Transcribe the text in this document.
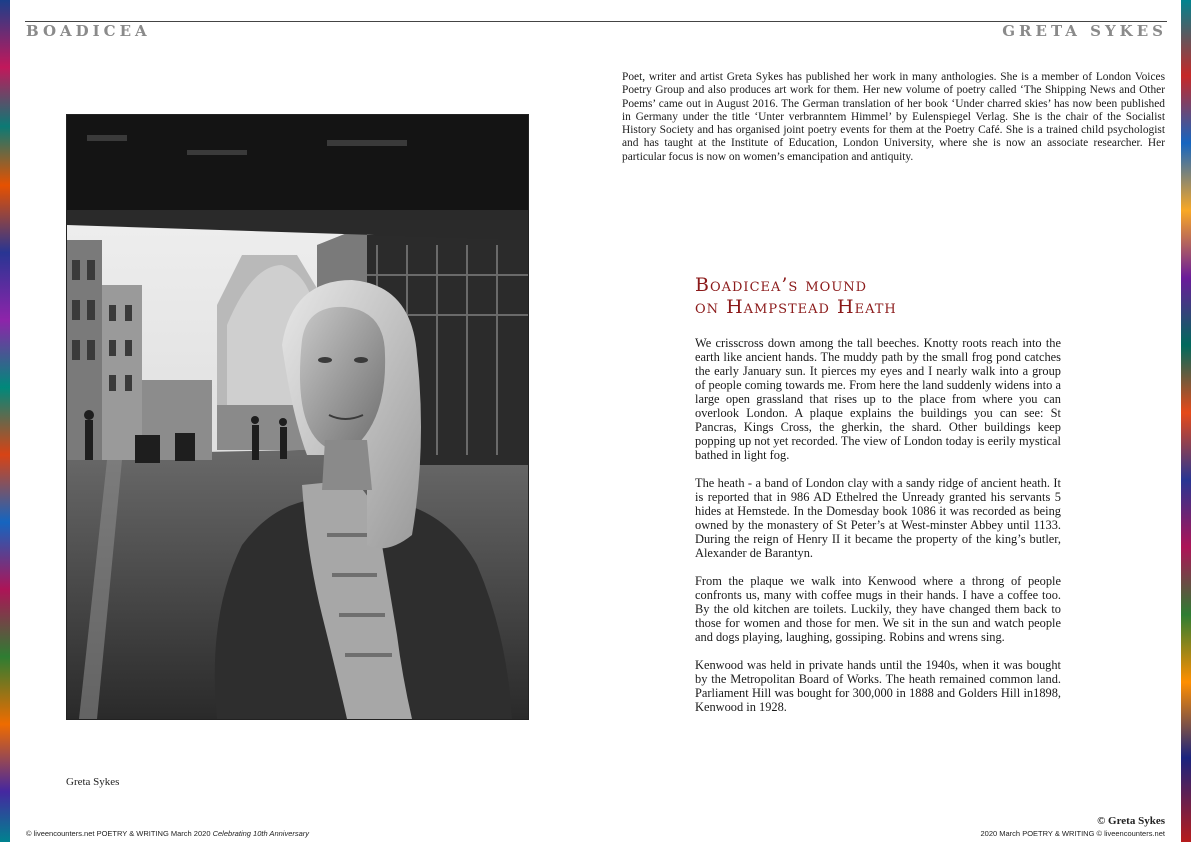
BOADICEA	GRETA SYKES
Poet, writer and artist Greta Sykes has published her work in many anthologies. She is a member of London Voices Poetry Group and also produces art work for them. Her new volume of poetry called ‘The Shipping News and Other Poems’ came out in August 2016. The German translation of her book ‘Under charred skies’ has now been published in Germany under the title ‘Unter verbranntem Himmel’ by Eulenspiegel Verlag. She is the chair of the Socialist History Society and has organised joint poetry events for them at the Poetry Café. She is a trained child psychologist and has taught at the Institute of Education, London University, where she is now an associate researcher. Her particular focus is now on women’s emancipation and antiquity.
Greta Sykes
Boadicea’s mound
on Hampstead Heath

We crisscross down among the tall beeches. Knotty roots reach into the earth like ancient hands. The muddy path by the small frog pond catches the early January sun. It pierces my eyes and I nearly walk into a group of people coming towards me. From here the land suddenly widens into a large open grassland that rises up to the place from where you can overlook London. A plaque explains the buildings you can see: St Pancras, Kings Cross, the gherkin, the shard. Other buildings keep popping up not yet recorded. The view of London today is eerily mystical bathed in light fog.

The heath - a band of London clay with a sandy ridge of ancient heath. It is reported that in 986 AD Ethelred the Unready granted his servants 5 hides at Hemstede. In the Domesday book 1086 it was recorded as being owned by the monastery of St Peter’s at West-minster Abbey until 1133. During the reign of Henry II it became the property of the king’s butler, Alexander de Barantyn.

From the plaque we walk into Kenwood where a throng of people confronts us, many with coffee mugs in their hands. I have a coffee too. By the old kitchen are toilets. Luckily, they have changed them back to those for women and those for men. We sit in the sun and watch people and dogs playing, laughing, gossiping. Robins and wrens sing.

Kenwood was held in private hands until the 1940s, when it was bought by the Metropolitan Board of Works. The heath remained common land. Parliament Hill was bought for 300,000 in 1888 and Golders Hill in1898, Kenwood in 1928.

© Greta Sykes
© liveencounters.net POETRY & WRITING March 2020 Celebrating 10th Anniversary	2020 March POETRY & WRITING © liveencounters.net
